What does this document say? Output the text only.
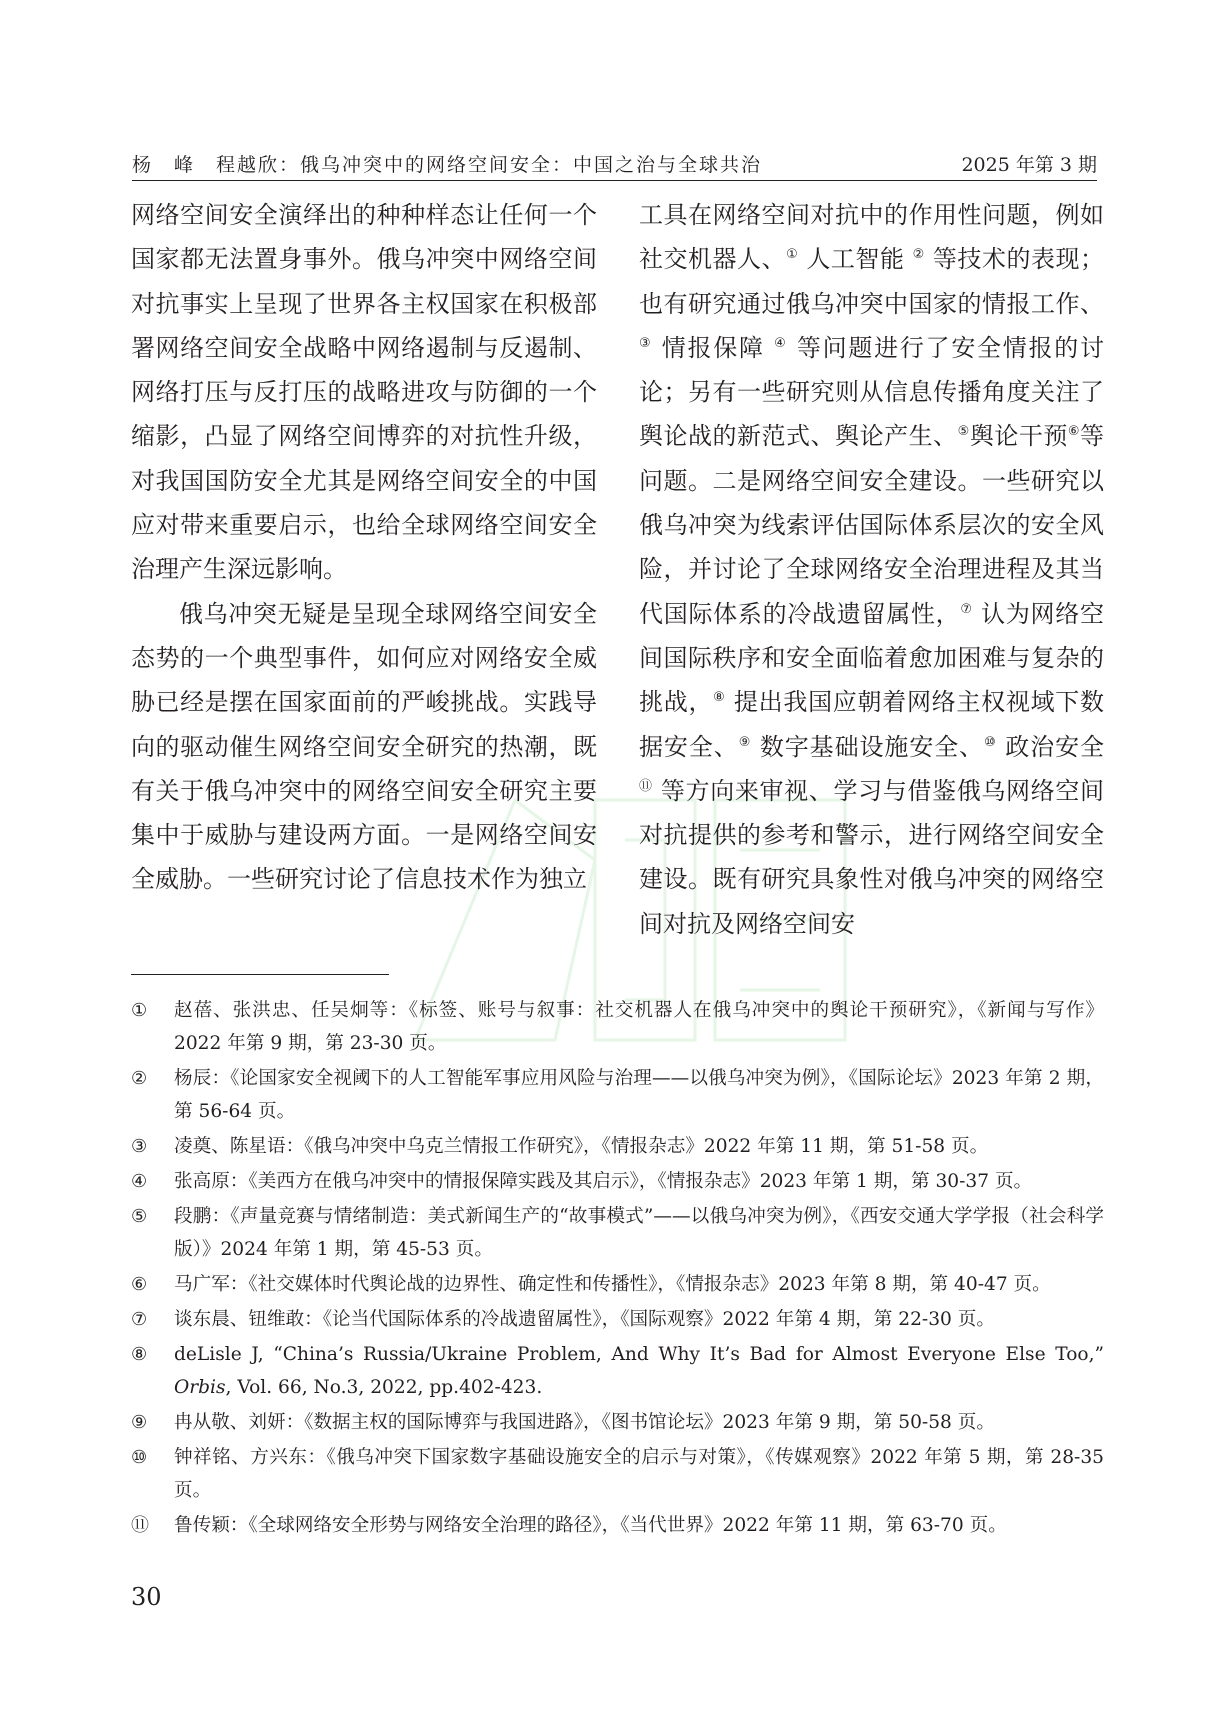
杨　峰　程越欣：俄乌冲突中的网络空间安全：中国之治与全球共治	2025 年第 3 期

网络空间安全演绎出的种种样态让任何一个国家都无法置身事外。俄乌冲突中网络空间对抗事实上呈现了世界各主权国家在积极部署网络空间安全战略中网络遏制与反遏制、网络打压与反打压的战略进攻与防御的一个缩影，凸显了网络空间博弈的对抗性升级，对我国国防安全尤其是网络空间安全的中国应对带来重要启示，也给全球网络空间安全治理产生深远影响。

俄乌冲突无疑是呈现全球网络空间安全态势的一个典型事件，如何应对网络安全威胁已经是摆在国家面前的严峻挑战。实践导向的驱动催生网络空间安全研究的热潮，既有关于俄乌冲突中的网络空间安全研究主要集中于威胁与建设两方面。一是网络空间安全威胁。一些研究讨论了信息技术作为独立

工具在网络空间对抗中的作用性问题，例如社交机器人、① 人工智能 ② 等技术的表现；也有研究通过俄乌冲突中国家的情报工作、③ 情报保障 ④ 等问题进行了安全情报的讨论；另有一些研究则从信息传播角度关注了舆论战的新范式、舆论产生、⑤舆论干预⑥等问题。二是网络空间安全建设。一些研究以俄乌冲突为线索评估国际体系层次的安全风险，并讨论了全球网络安全治理进程及其当代国际体系的冷战遗留属性，⑦ 认为网络空间国际秩序和安全面临着愈加困难与复杂的挑战，⑧ 提出我国应朝着网络主权视域下数据安全、⑨ 数字基础设施安全、⑩ 政治安全 ⑪ 等方向来审视、学习与借鉴俄乌网络空间对抗提供的参考和警示，进行网络空间安全建设。既有研究具象性对俄乌冲突的网络空间对抗及网络空间安

① 赵蓓、张洪忠、任吴炯等：《标签、账号与叙事：社交机器人在俄乌冲突中的舆论干预研究》，《新闻与写作》2022 年第 9 期，第 23-30 页。
② 杨辰：《论国家安全视阈下的人工智能军事应用风险与治理——以俄乌冲突为例》，《国际论坛》2023 年第 2 期，第 56-64 页。
③ 凌奠、陈星语：《俄乌冲突中乌克兰情报工作研究》，《情报杂志》2022 年第 11 期，第 51-58 页。
④ 张高原：《美西方在俄乌冲突中的情报保障实践及其启示》，《情报杂志》2023 年第 1 期，第 30-37 页。
⑤ 段鹏：《声量竞赛与情绪制造：美式新闻生产的“故事模式”——以俄乌冲突为例》，《西安交通大学学报（社会科学版）》2024 年第 1 期，第 45-53 页。
⑥ 马广军：《社交媒体时代舆论战的边界性、确定性和传播性》，《情报杂志》2023 年第 8 期，第 40-47 页。
⑦ 谈东晨、钮维敢：《论当代国际体系的冷战遗留属性》，《国际观察》2022 年第 4 期，第 22-30 页。
⑧ deLisle J, “China’s Russia/Ukraine Problem, And Why It’s Bad for Almost Everyone Else Too,” Orbis, Vol. 66, No.3, 2022, pp.402-423.
⑨ 冉从敬、刘妍：《数据主权的国际博弈与我国进路》，《图书馆论坛》2023 年第 9 期，第 50-58 页。
⑩ 钟祥铭、方兴东：《俄乌冲突下国家数字基础设施安全的启示与对策》，《传媒观察》2022 年第 5 期，第 28-35 页。
⑪ 鲁传颖：《全球网络安全形势与网络安全治理的路径》，《当代世界》2022 年第 11 期，第 63-70 页。
30
